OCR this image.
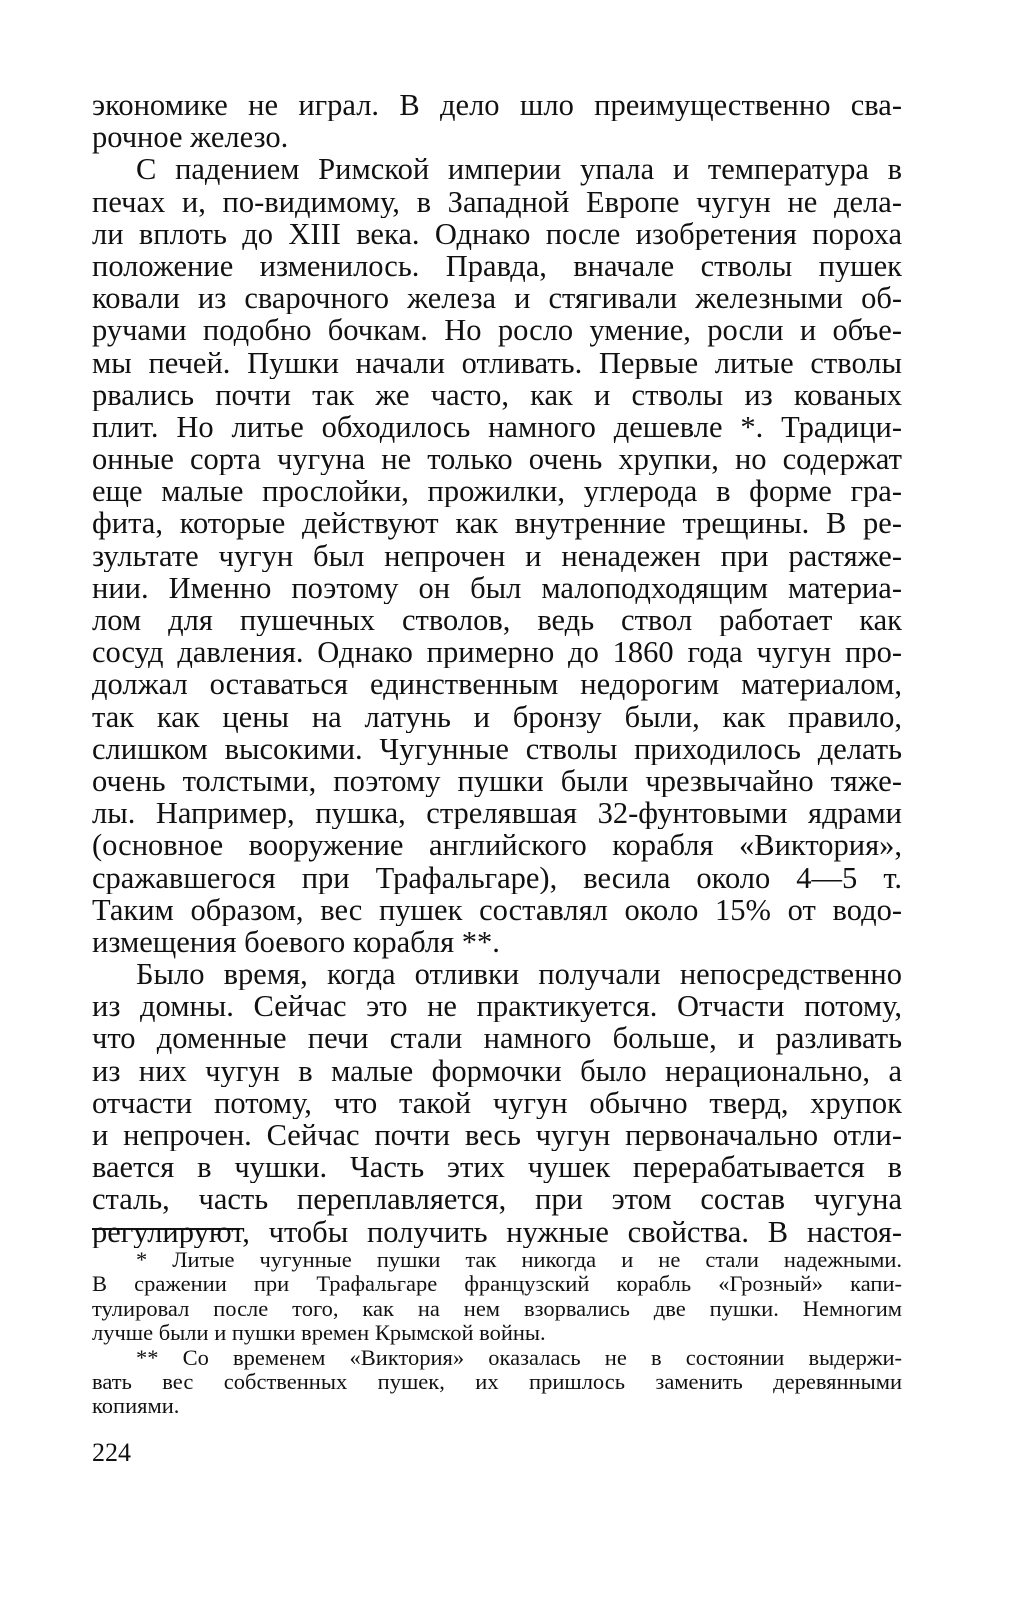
экономике не играл. В дело шло преимущественно сва-
рочное железо.
С падением Римской империи упала и температура в
печах и, по-видимому, в Западной Европе чугун не дела-
ли вплоть до XIII века. Однако после изобретения пороха
положение изменилось. Правда, вначале стволы пушек
ковали из сварочного железа и стягивали железными об-
ручами подобно бочкам. Но росло умение, росли и объе-
мы печей. Пушки начали отливать. Первые литые стволы
рвались почти так же часто, как и стволы из кованых
плит. Но литье обходилось намного дешевле *. Традици-
онные сорта чугуна не только очень хрупки, но содержат
еще малые прослойки, прожилки, углерода в форме гра-
фита, которые действуют как внутренние трещины. В ре-
зультате чугун был непрочен и ненадежен при растяже-
нии. Именно поэтому он был малоподходящим материа-
лом для пушечных стволов, ведь ствол работает как
сосуд давления. Однако примерно до 1860 года чугун про-
должал оставаться единственным недорогим материалом,
так как цены на латунь и бронзу были, как правило,
слишком высокими. Чугунные стволы приходилось делать
очень толстыми, поэтому пушки были чрезвычайно тяже-
лы. Например, пушка, стрелявшая 32-фунтовыми ядрами
(основное вооружение английского корабля «Виктория»,
сражавшегося при Трафальгаре), весила около 4—5 т.
Таким образом, вес пушек составлял около 15% от водо-
измещения боевого корабля **.
Было время, когда отливки получали непосредственно
из домны. Сейчас это не практикуется. Отчасти потому,
что доменные печи стали намного больше, и разливать
из них чугун в малые формочки было нерационально, а
отчасти потому, что такой чугун обычно тверд, хрупок
и непрочен. Сейчас почти весь чугун первоначально отли-
вается в чушки. Часть этих чушек перерабатывается в
сталь, часть переплавляется, при этом состав чугуна
регулируют, чтобы получить нужные свойства. В настоя-
* Литые чугунные пушки так никогда и не стали надежными.
В сражении при Трафальгаре французский корабль «Грозный» капи-
тулировал после того, как на нем взорвались две пушки. Немногим
лучше были и пушки времен Крымской войны.
** Со временем «Виктория» оказалась не в состоянии выдержи-
вать вес собственных пушек, их пришлось заменить деревянными
копиями.
224
